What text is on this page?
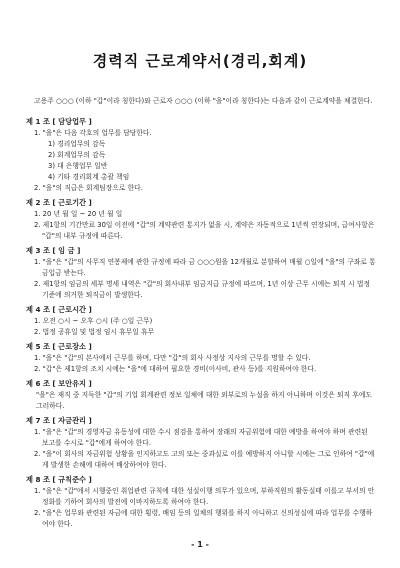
경력직 근로계약서(경리,회계)
고용주 ○○○ (이하 "갑"이라 칭한다)와 근로자 ○○○ (이하 "을"이라 칭한다)는 다음과 같이 근로계약을 체결한다.
제 1 조 [ 담당업무 ]
1. "을"은 다음 각호의 업무를 담당한다.
1) 경리업무의 감독
2) 회계업무의 감독
3) 대 은행업무 일반
4) 기타 경리회계 총괄 책임
2. "을"의 직급은 회계팀장으로 한다.
제 2 조 [ 근로기간 ]
1. 20 년 월 일 ~ 20 년 월 일
2. 제1항의 기간만료 30일 이전에 "갑"의 계약관련 통지가 없을 시, 계약은 자동적으로 1년씩 연장되며, 급여사항은 "갑"의 내부 규정에 따른다.
제 3 조 [ 임 금 ]
1. "을"은 "갑"의 사무직 연봉제에 관한 규정에 따라 금 ○○○원을 12개월로 분할하여 매월 ○일에 "을"의 구좌로 통금입금 받는다.
2. 제1항의 임금의 세부 명세 내역은 "갑"의 회사내부 임금지급 규정에 따르며, 1년 이상 근무 시에는 퇴직 시 법정 기준에 의거한 퇴직금이 발생한다.
제 4 조 [ 근로시간 ]
1. 오전 ○시 ~ 오후 ○시 (주 ○일 근무)
2. 법정 공휴일 및 법정 임시 휴무일 휴무
제 5 조 [ 근로장소 ]
1. "을"은 "갑"의 본사에서 근무를 하며, 다만 "갑"의 회사 사정상 지사의 근무를 명할 수 있다.
2. "갑"은 제1항의 조치 시에는 "을"에 대하여 필요한 경비(이사비, 관사 등)를 지원하여야 한다.
제 6 조 [ 보안유지 ]
"을"은 재직 중 지득한 "갑"의 기업 회계관련 정보 일체에 대한 외부로의 누설을 하지 아니하며 이것은 퇴직 후에도 그러하다.
제 7 조 [ 자금관리 ]
1. "을"은 "갑"의 경영자금 유동성에 대한 수시 점검을 통하여 장래의 자금위험에 대한 예방을 하여야 하며 관련된 보고를 수시로 "갑"에게 하여야 한다.
2. "을"이 회사의 자금위험 상황을 인지하고도 고의 또는 중과실로 이를 예방하지 아니할 시에는 그로 인하여 "갑"에게 발생한 손해에 대하여 배상하여야 한다.
제 8 조 [ 규칙준수 ]
1. "을"은 "갑"에서 시행중인 취업관련 규칙에 대한 성실이행 의무가 있으며, 부하직원의 활동실태 이를고 부서의 안정화를 기하여 회사의 발전에 이바지하도록 하여야 한다.
2. "을"은 업무와 관련된 자금에 대한 횡령, 배임 등의 일체의 행위를 하지 아니하고 신의성실에 따라 업무를 수행하여야 한다.
- 1 -
